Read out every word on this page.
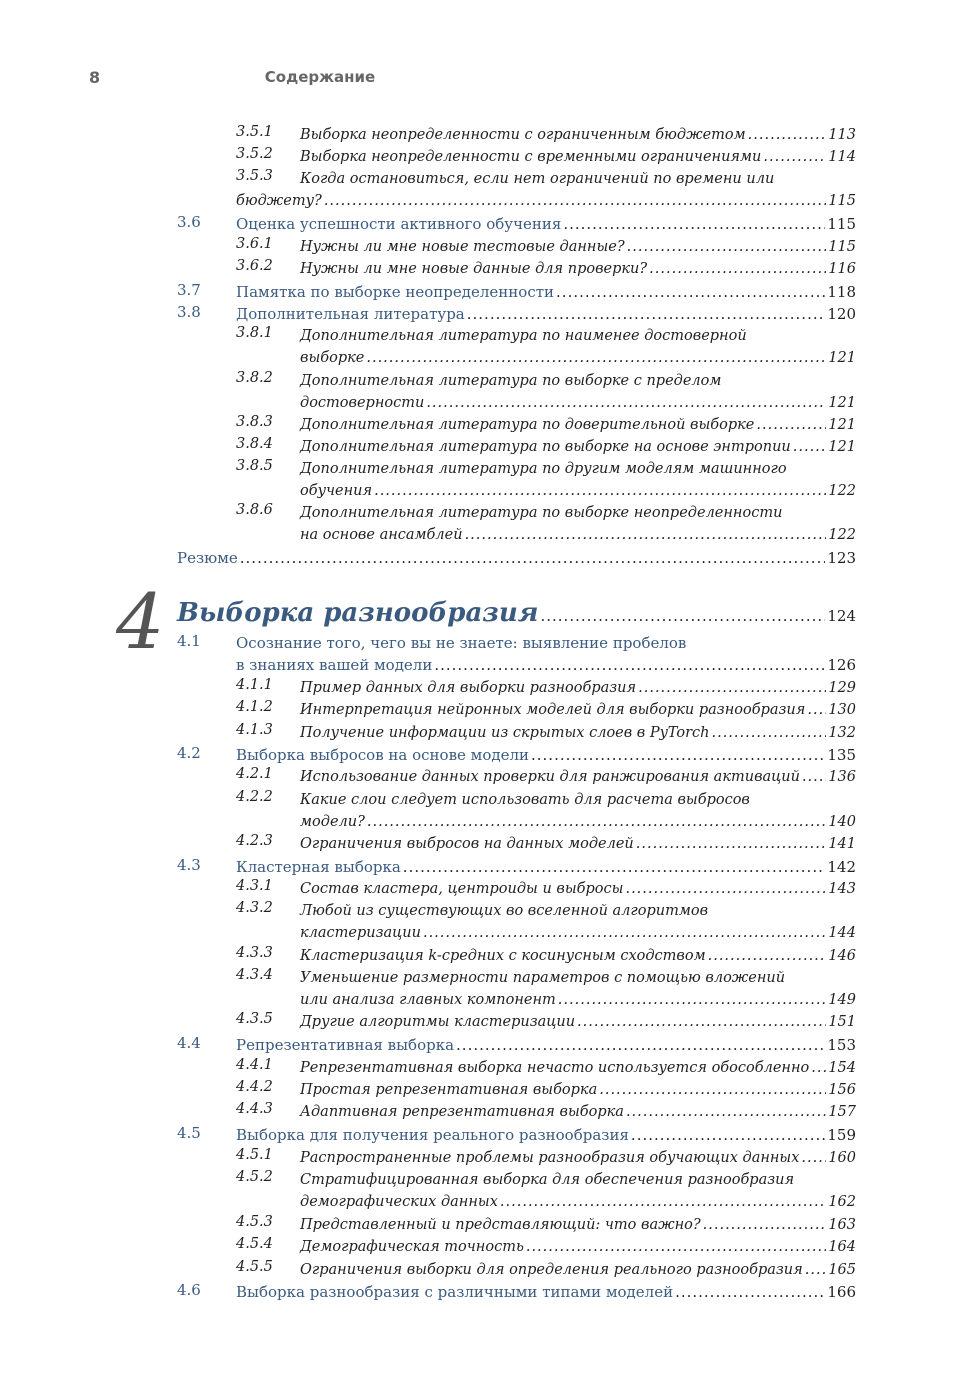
8	Содержание
3.5.1 Выборка неопределенности с ограниченным бюджетом .....	113
3.5.2 Выборка неопределенности с временными ограничениями .....	114
3.5.3	Когда остановиться, если нет ограничений по времени или
бюджету? .....	115
3.6 Оценка успешности активного обучения .....	115
3.6.1 Нужны ли мне новые тестовые данные? .....	115
3.6.2 Нужны ли мне новые данные для проверки? .....	116
3.7 Памятка по выборке неопределенности .....	118
3.8 Дополнительная литература .....	120
3.8.1 Дополнительная литература по наименее достоверной
выборке .....	121
3.8.2 Дополнительная литература по выборке с пределом
достоверности .....	121
3.8.3 Дополнительная литература по доверительной выборке .....	121
3.8.4 Дополнительная литература по выборке на основе энтропии .....	121
3.8.5 Дополнительная литература по другим моделям машинного
обучения .....	122
3.8.6 Дополнительная литература по выборке неопределенности
на основе ансамблей .....	122
Резюме .....	123
4 Выборка разнообразия .....	124
4.1 Осознание того, чего вы не знаете: выявление пробелов
в знаниях вашей модели .....	126
4.1.1 Пример данных для выборки разнообразия .....	129
4.1.2 Интерпретация нейронных моделей для выборки разнообразия ..... 130
4.1.3 Получение информации из скрытых слоев в PyTorch .....	132
4.2 Выборка выбросов на основе модели .....	135
4.2.1 Использование данных проверки для ранжирования активаций ..... 136
4.2.2 Какие слои следует использовать для расчета выбросов
модели? .....	140
4.2.3 Ограничения выбросов на данных моделей .....	141
4.3 Кластерная выборка .....	142
4.3.1 Состав кластера, центроиды и выбросы .....	143
4.3.2 Любой из существующих во вселенной алгоритмов
кластеризации .....	144
4.3.3 Кластеризация k-средних с косинусным сходством .....	146
4.3.4 Уменьшение размерности параметров с помощью вложений
или анализа главных компонент .....	149
4.3.5 Другие алгоритмы кластеризации .....	151
4.4 Репрезентативная выборка .....	153
4.4.1 Репрезентативная выборка нечасто используется обособленно ..... 154
4.4.2 Простая репрезентативная выборка .....	156
4.4.3 Адаптивная репрезентативная выборка .....	157
4.5 Выборка для получения реального разнообразия .....	159
4.5.1 Распространенные проблемы разнообразия обучающих данных ..... 160
4.5.2 Стратифицированная выборка для обеспечения разнообразия
демографических данных .....	162
4.5.3 Представленный и представляющий: что важно? .....	163
4.5.4 Демографическая точность .....	164
4.5.5 Ограничения выборки для определения реального разнообразия ..... 165
4.6 Выборка разнообразия с различными типами моделей .....	166
